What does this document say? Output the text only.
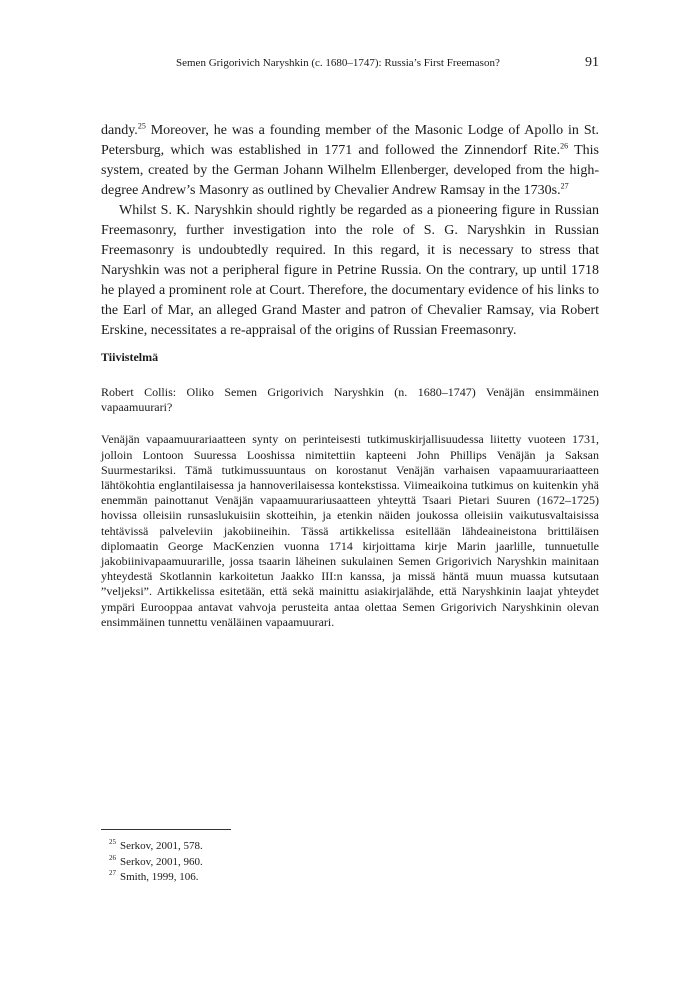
Semen Grigorivich Naryshkin (c. 1680–1747): Russia’s First Freemason?	91

dandy.$^{25}$ Moreover, he was a founding member of the Masonic Lodge of Apollo in St. Petersburg, which was established in 1771 and followed the Zinnendorf Rite.$^{26}$ This system, created by the German Johann Wilhelm Ellenberger, developed from the high-degree Andrew’s Masonry as outlined by Chevalier Andrew Ramsay in the 1730s.$^{27}$

Whilst S. K. Naryshkin should rightly be regarded as a pioneering figure in Russian Freemasonry, further investigation into the role of S. G. Naryshkin in Russian Freemasonry is undoubtedly required. In this regard, it is necessary to stress that Naryshkin was not a peripheral figure in Petrine Russia. On the contrary, up until 1718 he played a prominent role at Court. Therefore, the documentary evidence of his links to the Earl of Mar, an alleged Grand Master and patron of Chevalier Ramsay, via Robert Erskine, necessitates a re-appraisal of the origins of Russian Freemasonry.

Tiivistelmä

Robert Collis: Oliko Semen Grigorivich Naryshkin (n. 1680–1747) Venäjän ensimmäinen vapaamuurari?

Venäjän vapaamuurariaatteen synty on perinteisesti tutkimuskirjallisuudessa liitetty vuoteen 1731, jolloin Lontoon Suuressa Looshissa nimitettiin kapteeni John Phillips Venäjän ja Saksan Suurmestariksi. Tämä tutkimussuuntaus on korostanut Venäjän varhaisen vapaamuurariaatteen lähtökohtia englantilaisessa ja hannoverilaisessa kontekstissa. Viimeaikoina tutkimus on kuitenkin yhä enemmän painottanut Venäjän vapaamuurariusaatteen yhteyttä Tsaari Pietari Suuren (1672–1725) hovissa olleisiin runsaslukuisiin skotteihin, ja etenkin näiden joukossa olleisiin vaikutusvaltaisissa tehtävissä palveleviin jakobiineihin. Tässä artikkelissa esitellään lähdeaineistona brittiläisen diplomaatin George MacKenzien vuonna 1714 kirjoittama kirje Marin jaarlille, tunnuetulle jakobiinivapaamuurarille, jossa tsaarin läheinen sukulainen Semen Grigorivich Naryshkin mainitaan yhteydestä Skotlannin karkoitetun Jaakko III:n kanssa, ja missä häntä muun muassa kutsutaan ”veljeksi”. Artikkelissa esitetään, että sekä mainittu asiakirjalähde, että Naryshkinin laajat yhteydet ympäri Eurooppaa antavat vahvoja perusteita antaa olettaa Semen Grigorivich Naryshkinin olevan ensimmäinen tunnettu venäläinen vapaamuurari.

$^{25}$ Serkov, 2001, 578.
$^{26}$ Serkov, 2001, 960.
$^{27}$ Smith, 1999, 106.
